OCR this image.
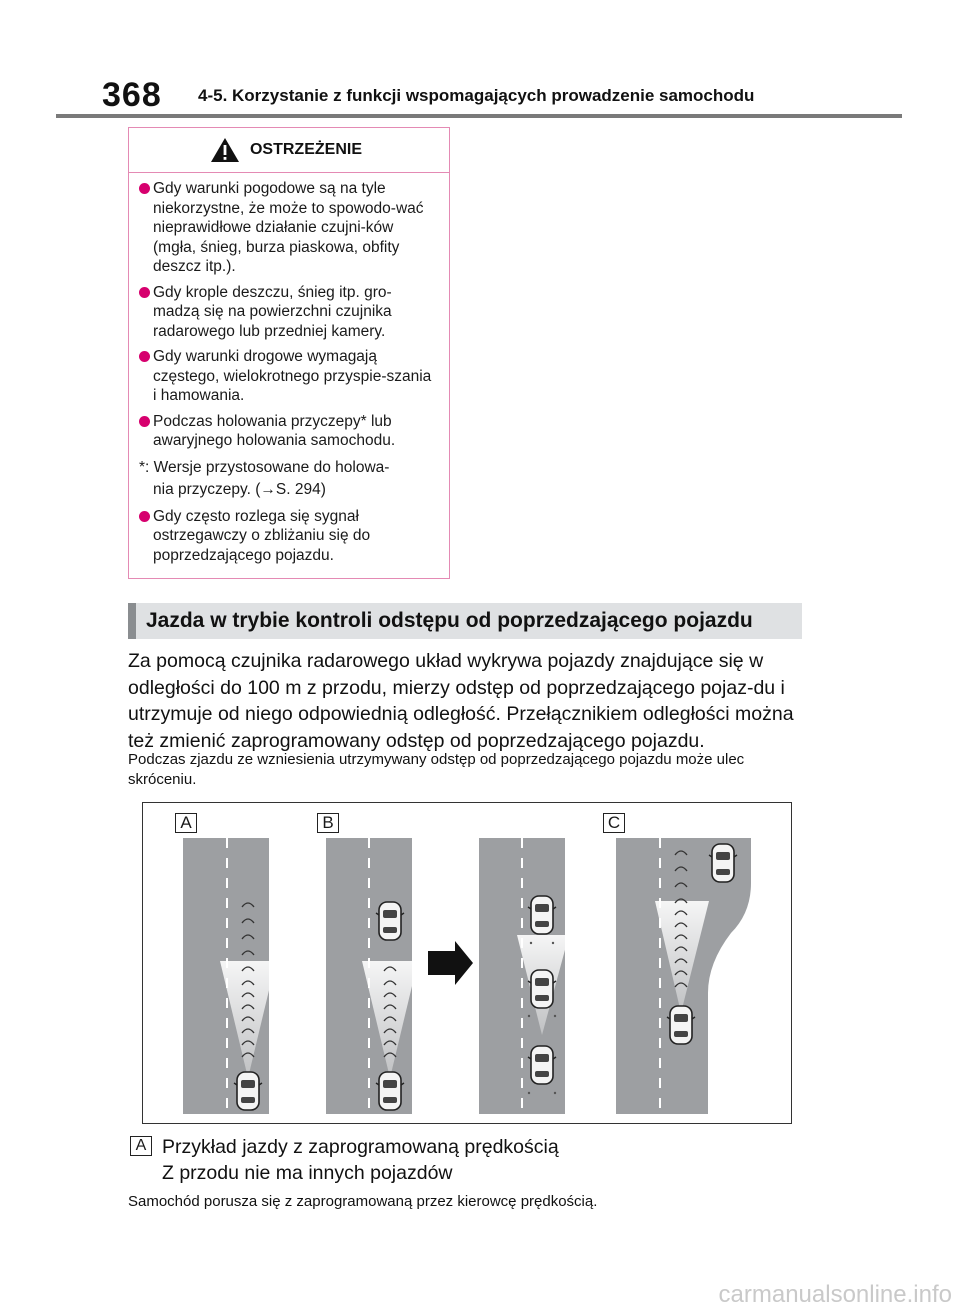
368 4-5. Korzystanie z funkcji wspomagających prowadzenie samochodu
OSTRZEŻENIE
Gdy warunki pogodowe są na tyle niekorzystne, że może to spowodo-wać nieprawidłowe działanie czujni-ków (mgła, śnieg, burza piaskowa, obfity deszcz itp.).
Gdy krople deszczu, śnieg itp. gro-madzą się na powierzchni czujnika radarowego lub przedniej kamery.
Gdy warunki drogowe wymagają częstego, wielokrotnego przyspie-szania i hamowania.
Podczas holowania przyczepy* lub awaryjnego holowania samochodu.
*: Wersje przystosowane do holowa-
nia przyczepy. (→S. 294)
Gdy często rozlega się sygnał ostrzegawczy o zbliżaniu się do poprzedzającego pojazdu.
Jazda w trybie kontroli odstępu od poprzedzającego pojazdu
Za pomocą czujnika radarowego układ wykrywa pojazdy znajdujące się w odległości do 100 m z przodu, mierzy odstęp od poprzedzającego pojaz-du i utrzymuje od niego odpowiednią odległość. Przełącznikiem odległości można też zmienić zaprogramowany odstęp od poprzedzającego pojazdu.
Podczas zjazdu ze wzniesienia utrzymywany odstęp od poprzedzającego pojazdu może ulec skróceniu.
A	B	C
A Przykład jazdy z zaprogramowaną prędkością
Z przodu nie ma innych pojazdów
Samochód porusza się z zaprogramowaną przez kierowcę prędkością.
carmanualsonline.info
